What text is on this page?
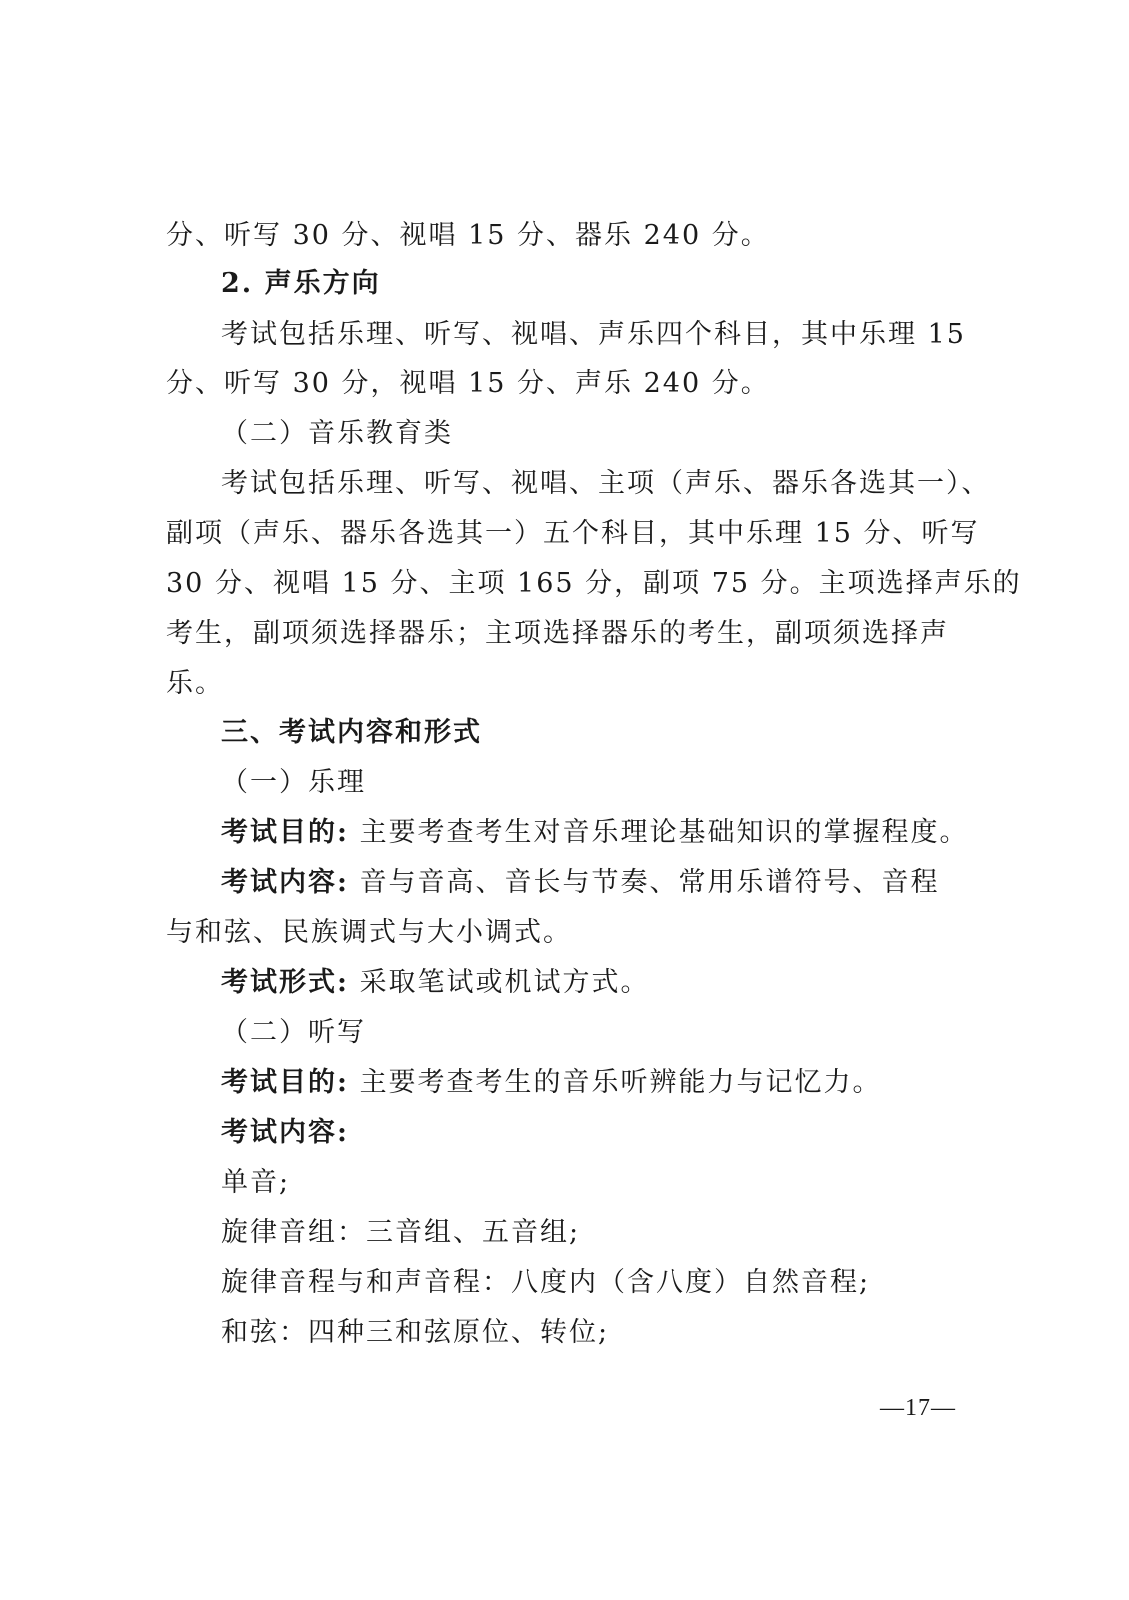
分、听写 30 分、视唱 15 分、器乐 240 分。
2. 声乐方向
考试包括乐理、听写、视唱、声乐四个科目，其中乐理 15
分、听写 30 分，视唱 15 分、声乐 240 分。
（二）音乐教育类
考试包括乐理、听写、视唱、主项（声乐、器乐各选其一）、
副项（声乐、器乐各选其一）五个科目，其中乐理 15 分、听写
30 分、视唱 15 分、主项 165 分，副项 75 分。主项选择声乐的
考生，副项须选择器乐；主项选择器乐的考生，副项须选择声
乐。
三、考试内容和形式
（一）乐理
考试目的: 主要考查考生对音乐理论基础知识的掌握程度。
考试内容: 音与音高、音长与节奏、常用乐谱符号、音程
与和弦、民族调式与大小调式。
考试形式: 采取笔试或机试方式。
（二）听写
考试目的: 主要考查考生的音乐听辨能力与记忆力。
考试内容:
单音;
旋律音组：三音组、五音组;
旋律音程与和声音程：八度内（含八度）自然音程;
和弦：四种三和弦原位、转位;
—17—
